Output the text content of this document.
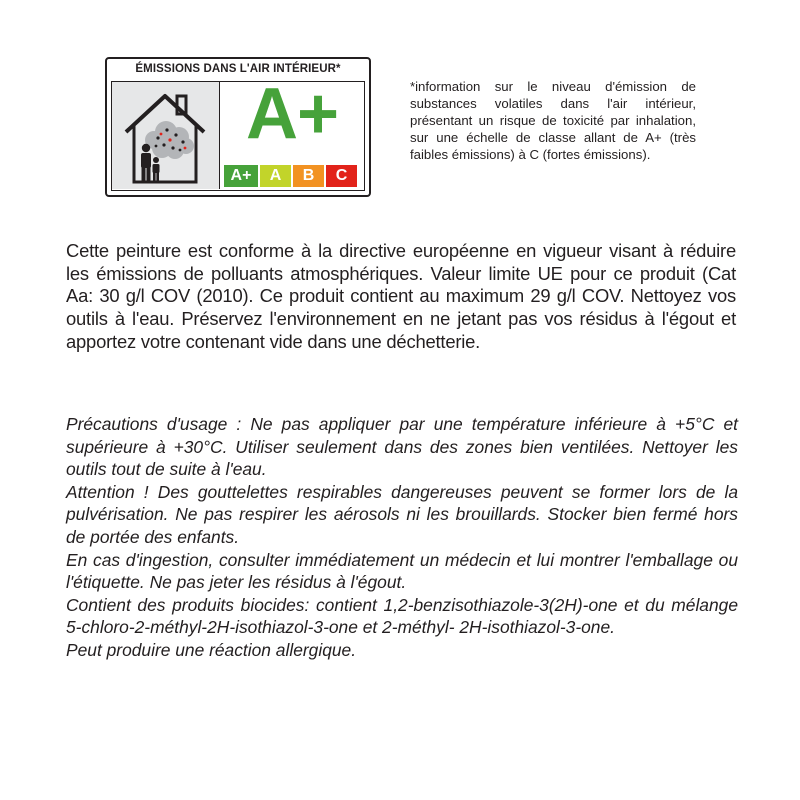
ÉMISSIONS DANS L'AIR INTÉRIEUR*
A+
A+	A	B	C
*information sur le niveau d'émission de substances volatiles dans l'air intérieur, présentant un risque de toxicité par inhalation, sur une échelle de classe allant de A+ (très faibles émissions) à C (fortes émissions).
Cette peinture est conforme à la directive européenne en vigueur visant à réduire les émissions de polluants atmosphériques. Valeur limite UE pour ce produit (Cat Aa: 30 g/l COV (2010). Ce produit contient au maximum 29 g/l COV. Nettoyez vos outils à l'eau. Préservez l'environnement en ne jetant pas vos résidus à l'égout et apportez votre contenant vide dans une déchetterie.

Précautions d'usage : Ne pas appliquer par une température inférieure à +5°C et supérieure à +30°C. Utiliser seulement dans des zones bien ventilées. Nettoyer les outils tout de suite à l'eau.

Attention ! Des gouttelettes respirables dangereuses peuvent se former lors de la pulvérisation. Ne pas respirer les aérosols ni les brouillards. Stocker bien fermé hors de portée des enfants.

En cas d'ingestion, consulter immédiatement un médecin et lui montrer l'emballage ou l'étiquette. Ne pas jeter les résidus à l'égout.

Contient des produits biocides: contient 1,2-benzisothiazole-3(2H)-one et du mélange 5-chloro-2-méthyl-2H-isothiazol-3-one et 2-méthyl- 2H-isothiazol-3-one.

Peut produire une réaction allergique.
